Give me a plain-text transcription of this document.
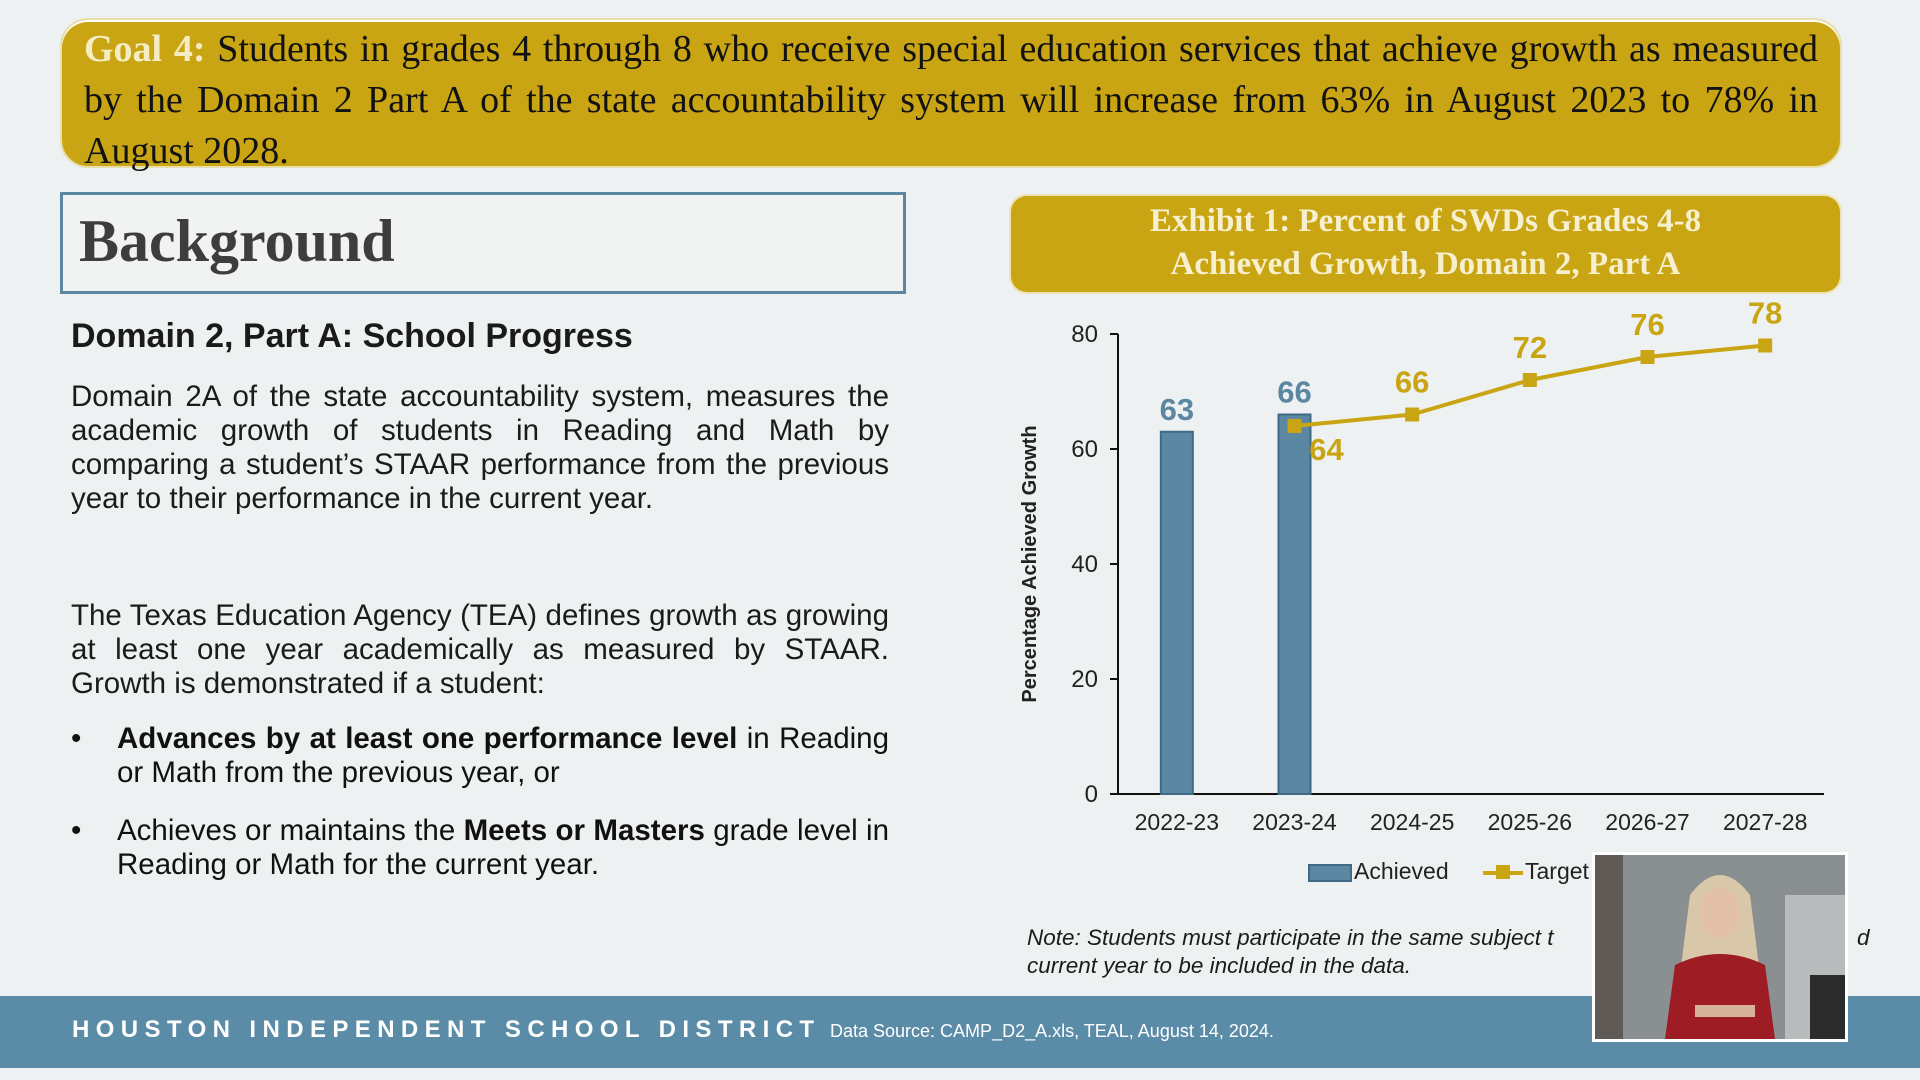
Goal 4: Students in grades 4 through 8 who receive special education services that achieve growth as measured by the Domain 2 Part A of the state accountability system will increase from 63% in August 2023 to 78% in August 2028.
Background
Domain 2, Part A: School Progress
Domain 2A of the state accountability system, measures the academic growth of students in Reading and Math by comparing a student’s STAAR performance from the previous year to their performance in the current year.
The Texas Education Agency (TEA) defines growth as growing at least one year academically as measured by STAAR. Growth is demonstrated if a student:
• Advances by at least one performance level in Reading or Math from the previous year, or
• Achieves or maintains the Meets or Masters grade level in Reading or Math for the current year.
Exhibit 1: Percent of SWDs Grades 4-8
Achieved Growth, Domain 2, Part A
0
20
40
60
80
Percentage Achieved Growth
2022-23 2023-24 2024-25 2025-26 2026-27 2027-28
63	66
64
66
72
76	78
Achieved	Target
Note: Students must participate in the same subject t	d
current year to be included in the data.
HOUSTON INDEPENDENT SCHOOL DISTRICT Data Source: CAMP_D2_A.xls, TEAL, August 14, 2024.
